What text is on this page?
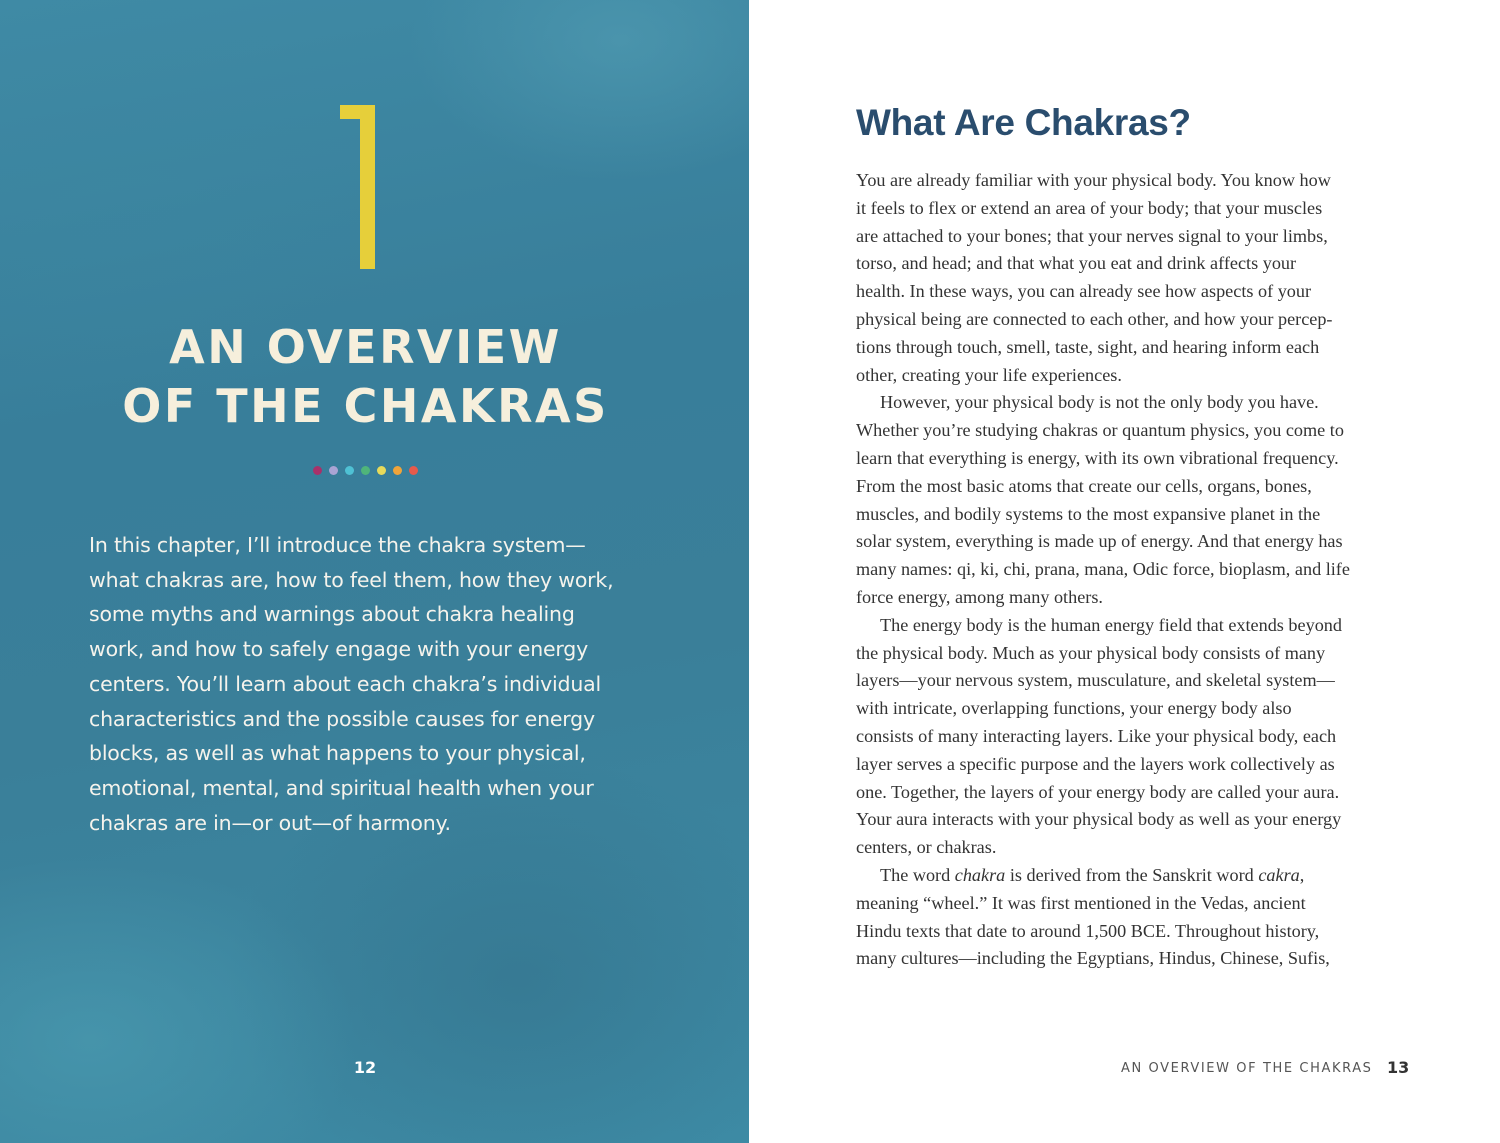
AN OVERVIEW
OF THE CHAKRAS

In this chapter, I’ll introduce the chakra system—
what chakras are, how to feel them, how they work,
some myths and warnings about chakra healing
work, and how to safely engage with your energy
centers. You’ll learn about each chakra’s individual
characteristics and the possible causes for energy
blocks, as well as what happens to your physical,
emotional, mental, and spiritual health when your
chakras are in—or out—of harmony.

12
What Are Chakras?
You are already familiar with your physical body. You know how
it feels to flex or extend an area of your body; that your muscles
are attached to your bones; that your nerves signal to your limbs,
torso, and head; and that what you eat and drink affects your
health. In these ways, you can already see how aspects of your
physical being are connected to each other, and how your percep-
tions through touch, smell, taste, sight, and hearing inform each
other, creating your life experiences.
However, your physical body is not the only body you have.
Whether you’re studying chakras or quantum physics, you come to
learn that everything is energy, with its own vibrational frequency.
From the most basic atoms that create our cells, organs, bones,
muscles, and bodily systems to the most expansive planet in the
solar system, everything is made up of energy. And that energy has
many names: qi, ki, chi, prana, mana, Odic force, bioplasm, and life
force energy, among many others.
The energy body is the human energy field that extends beyond
the physical body. Much as your physical body consists of many
layers—your nervous system, musculature, and skeletal system—
with intricate, overlapping functions, your energy body also
consists of many interacting layers. Like your physical body, each
layer serves a specific purpose and the layers work collectively as
one. Together, the layers of your energy body are called your aura.
Your aura interacts with your physical body as well as your energy
centers, or chakras.
The word chakra is derived from the Sanskrit word cakra,
meaning “wheel.” It was first mentioned in the Vedas, ancient
Hindu texts that date to around 1,500 BCE. Throughout history,
many cultures—including the Egyptians, Hindus, Chinese, Sufis,
AN OVERVIEW OF THE CHAKRAS 13
